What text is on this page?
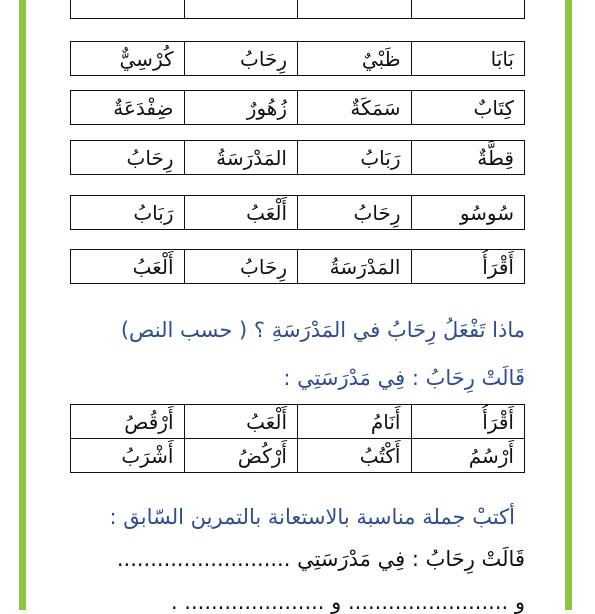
بَابَا	ظَبْيٌ	رِحَابُ	كُرْسِيٌّ
كِتَابٌ	سَمَكَةٌ	زُهُورٌ	ضِفْدَعَةٌ
قِطَّةٌ	رَبَابُ	المَدْرَسَةُ	رِحَابُ
سُوسُو	رِحَابُ	أَلْعَبُ	رَبَابُ
أَقْرَأُ	المَدْرَسَةُ	رِحَابُ	أَلْعَبُ
ماذا تَفْعَلُ رِحَابُ في المَدْرَسَةِ ؟ ( حسب النص)
قَالَتْ رِحَابُ : فِي مَدْرَسَتِي :
أَقْرَأُ	أَنَامُ	أَلْعَبُ	أَرْقُصُ
أَرْسُمُ	أَكْتُبُ	أَرْكُضُ	أَشْرَبُ
أكتبْ جملة مناسبة بالاستعانة بالتمرين السّابق :
قَالَتْ رِحَابُ : فِي مَدْرَسَتِي ..........................
و ........................ و ..................... .
